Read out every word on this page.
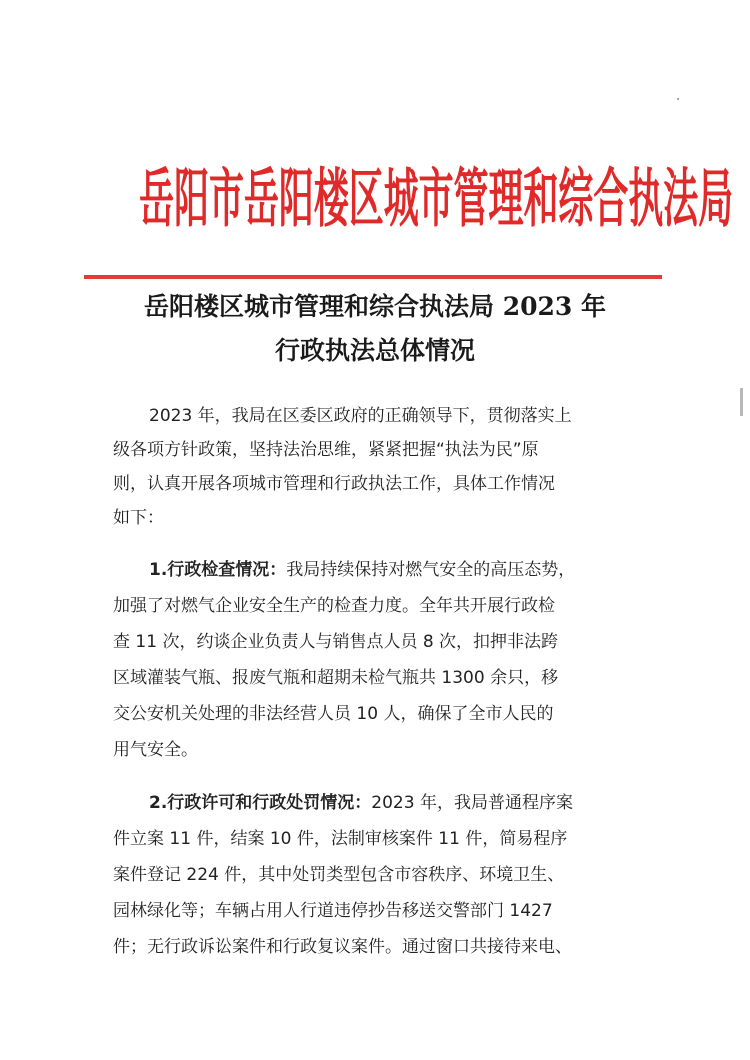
岳阳市岳阳楼区城市管理和综合执法局
岳阳楼区城市管理和综合执法局 2023 年
行政执法总体情况
2023 年，我局在区委区政府的正确领导下，贯彻落实上
级各项方针政策，坚持法治思维，紧紧把握“执法为民”原
则，认真开展各项城市管理和行政执法工作，具体工作情况
如下：
1.行政检查情况：我局持续保持对燃气安全的高压态势，
加强了对燃气企业安全生产的检查力度。全年共开展行政检
查 11 次，约谈企业负责人与销售点人员 8 次，扣押非法跨
区域灌装气瓶、报废气瓶和超期未检气瓶共 1300 余只，移
交公安机关处理的非法经营人员 10 人，确保了全市人民的
用气安全。
2.行政许可和行政处罚情况：2023 年，我局普通程序案
件立案 11 件，结案 10 件，法制审核案件 11 件，简易程序
案件登记 224 件，其中处罚类型包含市容秩序、环境卫生、
园林绿化等；车辆占用人行道违停抄告移送交警部门 1427
件；无行政诉讼案件和行政复议案件。通过窗口共接待来电、
